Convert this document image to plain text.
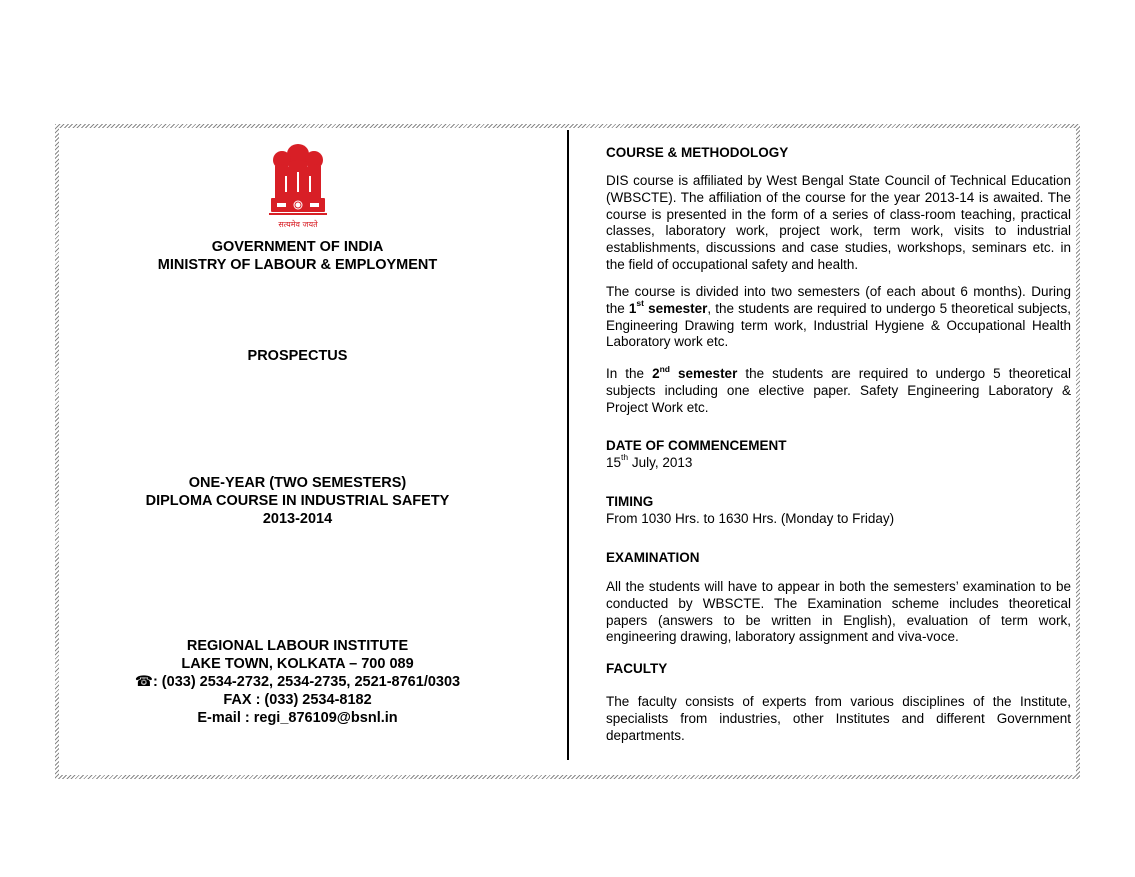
सत्यमेव जयते
GOVERNMENT OF INDIA
MINISTRY OF LABOUR & EMPLOYMENT
PROSPECTUS
ONE-YEAR (TWO SEMESTERS)
DIPLOMA COURSE IN INDUSTRIAL SAFETY
2013-2014
REGIONAL LABOUR INSTITUTE
LAKE TOWN, KOLKATA – 700 089
☎: (033) 2534-2732, 2534-2735, 2521-8761/0303
FAX : (033) 2534-8182
E-mail : regi_876109@bsnl.in
COURSE & METHODOLOGY

DIS course is affiliated by West Bengal State Council of Technical Education (WBSCTE). The affiliation of the course for the year 2013-14 is awaited. The course is presented in the form of a series of class-room teaching, practical classes, laboratory work, project work, term work, visits to industrial establishments, discussions and case studies, workshops, seminars etc. in the field of occupational safety and health.

The course is divided into two semesters (of each about 6 months). During the 1st semester, the students are required to undergo 5 theoretical subjects, Engineering Drawing term work, Industrial Hygiene & Occupational Health Laboratory work etc.

In the 2nd semester the students are required to undergo 5 theoretical subjects including one elective paper. Safety Engineering Laboratory & Project Work etc.

DATE OF COMMENCEMENT

15th July, 2013

TIMING

From 1030 Hrs. to 1630 Hrs. (Monday to Friday)

EXAMINATION

All the students will have to appear in both the semesters’ examination to be conducted by WBSCTE. The Examination scheme includes theoretical papers (answers to be written in English), evaluation of term work, engineering drawing, laboratory assignment and viva-voce.

FACULTY

The faculty consists of experts from various disciplines of the Institute, specialists from industries, other Institutes and different Government departments.
